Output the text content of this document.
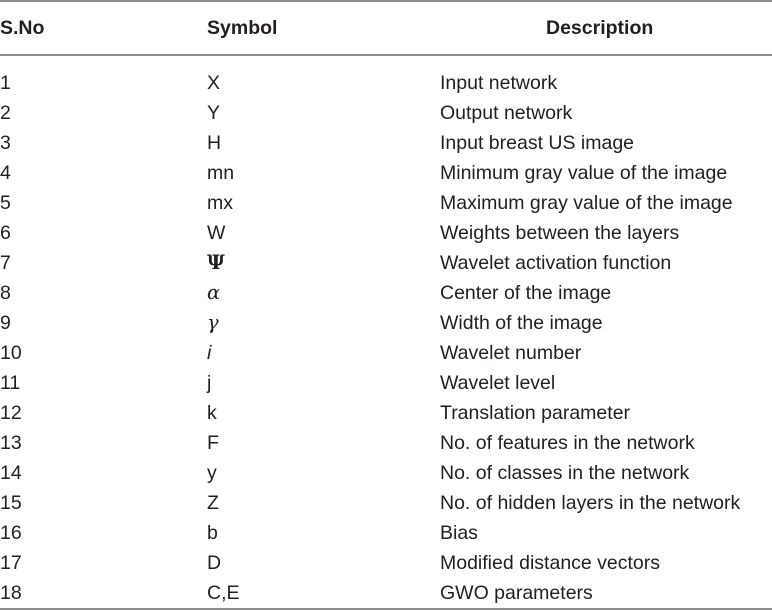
S.No	Symbol	Description
1	X	Input network
2	Y	Output network
3	H	Input breast US image
4	mn	Minimum gray value of the image
5	mx	Maximum gray value of the image
6	W	Weights between the layers
7	Ψ	Wavelet activation function
8	α	Center of the image
9	γ	Width of the image
10	i	Wavelet number
11	j	Wavelet level
12	k	Translation parameter
13	F	No. of features in the network
14	y	No. of classes in the network
15	Z	No. of hidden layers in the network
16	b	Bias
17	D	Modified distance vectors
18	C,E	GWO parameters
